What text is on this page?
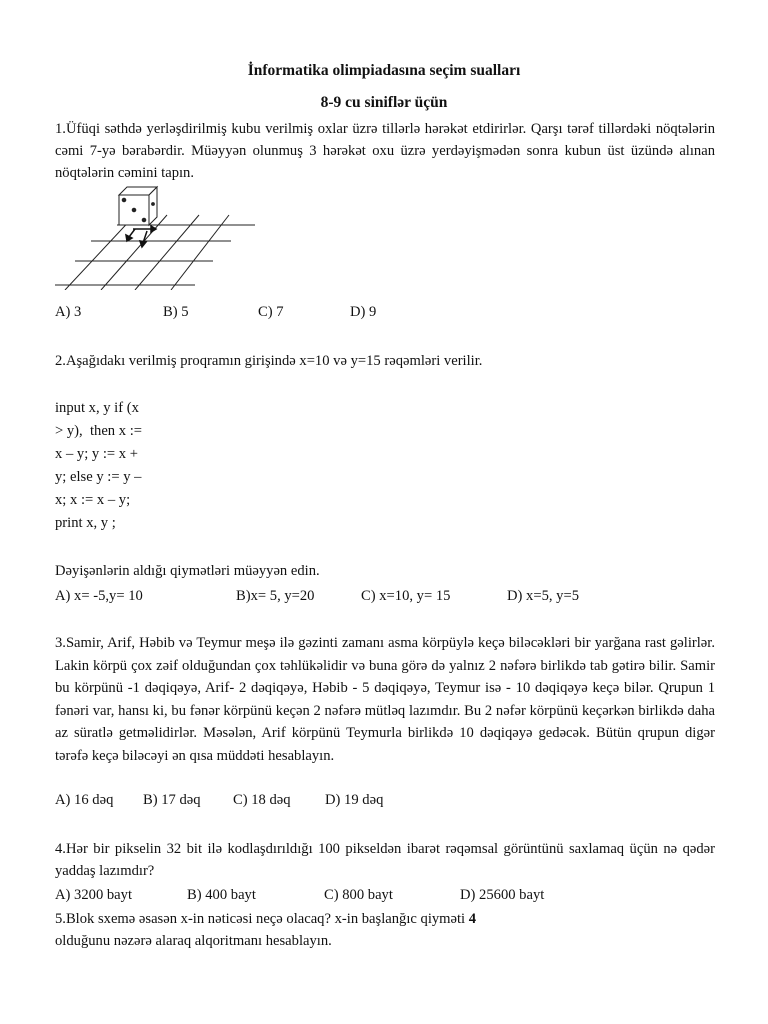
İnformatika olimpiadasına seçim sualları
8-9 cu siniflər üçün
1.Üfüqi səthdə yerləşdirilmiş kubu verilmiş oxlar üzrə tillərlə hərəkət etdirirlər. Qarşı tərəf tillərdəki nöqtələrin cəmi 7-yə bərabərdir. Müəyyən olunmuş 3 hərəkət oxu üzrə yerdəyişmədən sonra kubun üst üzündə alınan nöqtələrin cəmini tapın.
A) 3	B) 5	C) 7	D) 9
2.Aşağıdakı verilmiş proqramın girişində x=10 və y=15 rəqəmləri verilir.
input x, y if (x
> y),  then x :=
x – y; y := x +
y; else y := y –
x; x := x – y;
print x, y ;
Dəyişənlərin aldığı qiymətləri müəyyən edin.
A) x= -5,y= 10	B)x= 5, y=20	C) x=10, y= 15	D) x=5, y=5
3.Samir, Arif, Həbib və Teymur meşə ilə gəzinti zamanı asma körpüylə keçə biləcəkləri bir yarğana rast gəlirlər. Lakin körpü çox zəif olduğundan çox təhlükəlidir və buna görə də yalnız 2 nəfərə birlikdə tab gətirə bilir. Samir bu körpünü -1 dəqiqəyə, Arif- 2 dəqiqəyə, Həbib - 5 dəqiqəyə, Teymur isə - 10 dəqiqəyə keçə bilər. Qrupun 1 fənəri var, hansı ki, bu fənər körpünü keçən 2 nəfərə mütləq lazımdır. Bu 2 nəfər körpünü keçərkən birlikdə daha az süratlə getməlidirlər. Məsələn, Arif körpünü Teymurla birlikdə 10 dəqiqəyə gedəcək. Bütün qrupun digər tərəfə keçə biləcəyi ən qısa müddəti hesablayın.
A) 16 dəq B) 17 dəq C) 18 dəq D) 19 dəq
4.Hər bir pikselin 32 bit ilə kodlaşdırıldığı 100 pikseldən ibarət rəqəmsal görüntünü saxlamaq üçün nə qədər yaddaş lazımdır?
A) 3200 bayt	B) 400 bayt	C) 800 bayt	D) 25600 bayt
5.Blok sxemə əsasən x-in nəticəsi neçə olacaq? x-in başlanğıc qiyməti 4
olduğunu nəzərə alaraq alqoritmanı hesablayın.
